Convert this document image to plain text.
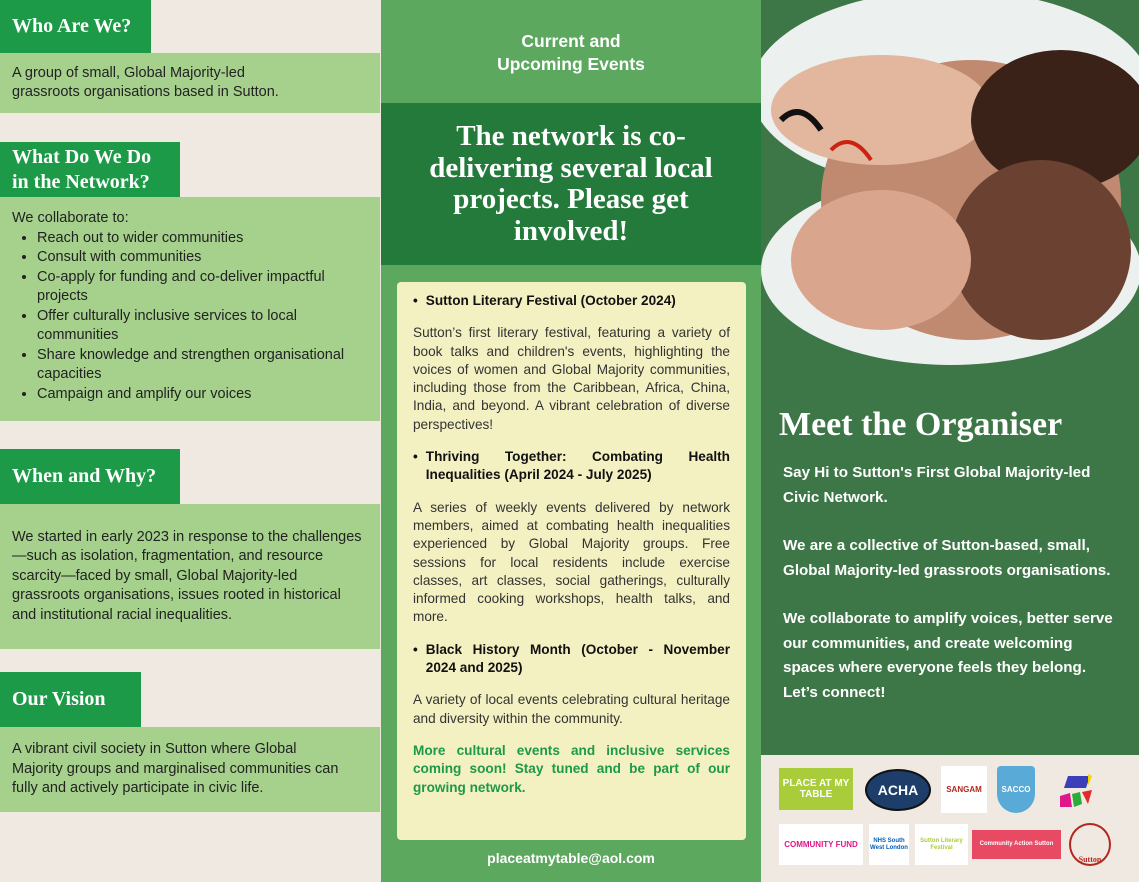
Who Are We?
A group of small, Global Majority-led grassroots organisations based in Sutton.
What Do We Do
in the Network?
We collaborate to:
• Reach out to wider communities
• Consult with communities
• Co-apply for funding and co-deliver impactful projects
• Offer culturally inclusive services to local communities
• Share knowledge and strengthen organisational capacities
• Campaign and amplify our voices
When and Why?
We started in early 2023 in response to the challenges—such as isolation, fragmentation, and resource scarcity—faced by small, Global Majority-led grassroots organisations, issues rooted in historical and institutional racial inequalities.
Our Vision
A vibrant civil society in Sutton where Global Majority groups and marginalised communities can fully and actively participate in civic life.
Current and
Upcoming Events
The network is co-delivering several local projects. Please get involved!
• Sutton Literary Festival (October 2024)

Sutton’s first literary festival, featuring a variety of book talks and children's events, highlighting the voices of women and Global Majority communities, including those from the Caribbean, Africa, China, India, and beyond. A vibrant celebration of diverse perspectives!

• Thriving Together: Combating Health Inequalities (April 2024 - July 2025)

A series of weekly events delivered by network members, aimed at combating health inequalities experienced by Global Majority groups. Free sessions for local residents include exercise classes, art classes, social gatherings, culturally informed cooking workshops, health talks, and more.

• Black History Month (October - November 2024 and 2025)

A variety of local events celebrating cultural heritage and diversity within the community.

More cultural events and inclusive services coming soon! Stay tuned and be part of our growing network.

placeatmytable@aol.com
Meet the Organiser
Say Hi to Sutton's First Global Majority-led Civic Network.
We are a collective of Sutton-based, small, Global Majority-led grassroots organisations.
We collaborate to amplify voices, better serve our communities, and create welcoming spaces where everyone feels they belong. Let’s connect!
PLACE AT MY TABLE	ACHA	SANGAM SACCO
COMMUNITY FUND	NHS South West London
Sutton Literary Festival
Community Action Sutton
Sutton
